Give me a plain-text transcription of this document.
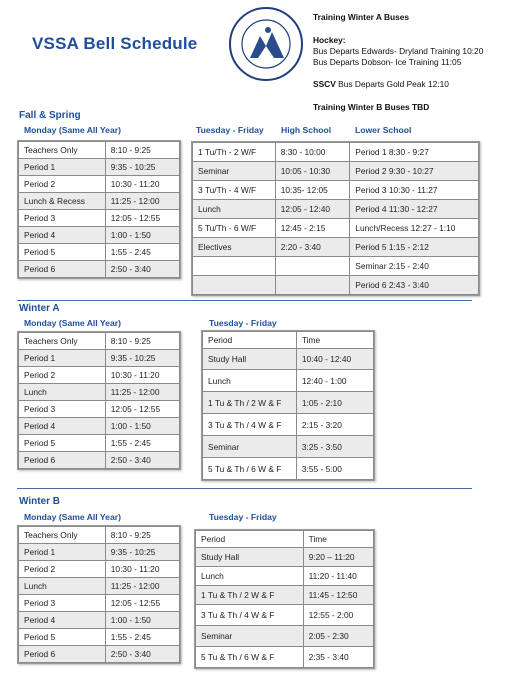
VSSA Bell Schedule
Training Winter A Buses
Hockey:
Bus Departs Edwards- Dryland Training 10:20
Bus Departs Dobson- Ice Training 11:05
SSCV Bus Departs Gold Peak 12:10
Training Winter B Buses TBD
Fall & Spring
Monday (Same All Year)	Tuesday - Friday High School	Lower School
Teachers Only	8:10 - 9:25
Period 1	9:35 - 10:25
Period 2	10:30 - 11:20
Lunch & Recess	11:25 - 12:00
Period 3	12:05 - 12:55
Period 4	1:00 - 1:50
Period 5	1:55 - 2:45
Period 6	2:50 - 3:40
1 Tu/Th - 2 W/F	8:30 - 10:00	Period 1 8:30 - 9:27
Seminar	10:05 - 10:30	Period 2 9:30 - 10:27
3 Tu/Th - 4 W/F	10:35- 12:05	Period 3 10:30 - 11:27
Lunch	12:05 - 12:40	Period 4 11:30 - 12:27
5 Tu/Th - 6 W/F	12:45 - 2:15	Lunch/Recess 12:27 - 1:10
Electives	2:20 - 3:40	Period 5 1:15 - 2:12
		Seminar 2:15 - 2:40
		Period 6 2:43 - 3:40
Winter A
Monday (Same All Year)	Tuesday - Friday
Teachers Only	8:10 - 9:25
Period 1	9:35 - 10:25
Period 2	10:30 - 11:20
Lunch	11:25 - 12:00
Period 3	12:05 - 12:55
Period 4	1:00 - 1:50
Period 5	1:55 - 2:45
Period 6	2:50 - 3:40
Period	Time
Study Hall	10:40 - 12:40
Lunch	12:40 - 1:00
1 Tu & Th / 2 W & F	1:05 - 2:10
3 Tu & Th / 4 W & F	2:15 - 3:20
Seminar	3:25 - 3:50
5 Tu & Th / 6 W & F	3:55 - 5:00
Winter B
Monday (Same All Year)	Tuesday - Friday
Teachers Only	8:10 - 9:25
Period 1	9:35 - 10:25
Period 2	10:30 - 11:20
Lunch	11:25 - 12:00
Period 3	12:05 - 12:55
Period 4	1:00 - 1:50
Period 5	1:55 - 2:45
Period 6	2:50 - 3:40
Period	Time
Study Hall	9:20 – 11:20
Lunch	11:20 - 11:40
1 Tu & Th / 2 W & F	11:45 - 12:50
3 Tu & Th / 4 W & F	12:55 - 2:00
Seminar	2:05 - 2:30
5 Tu & Th / 6 W & F	2:35 - 3:40
